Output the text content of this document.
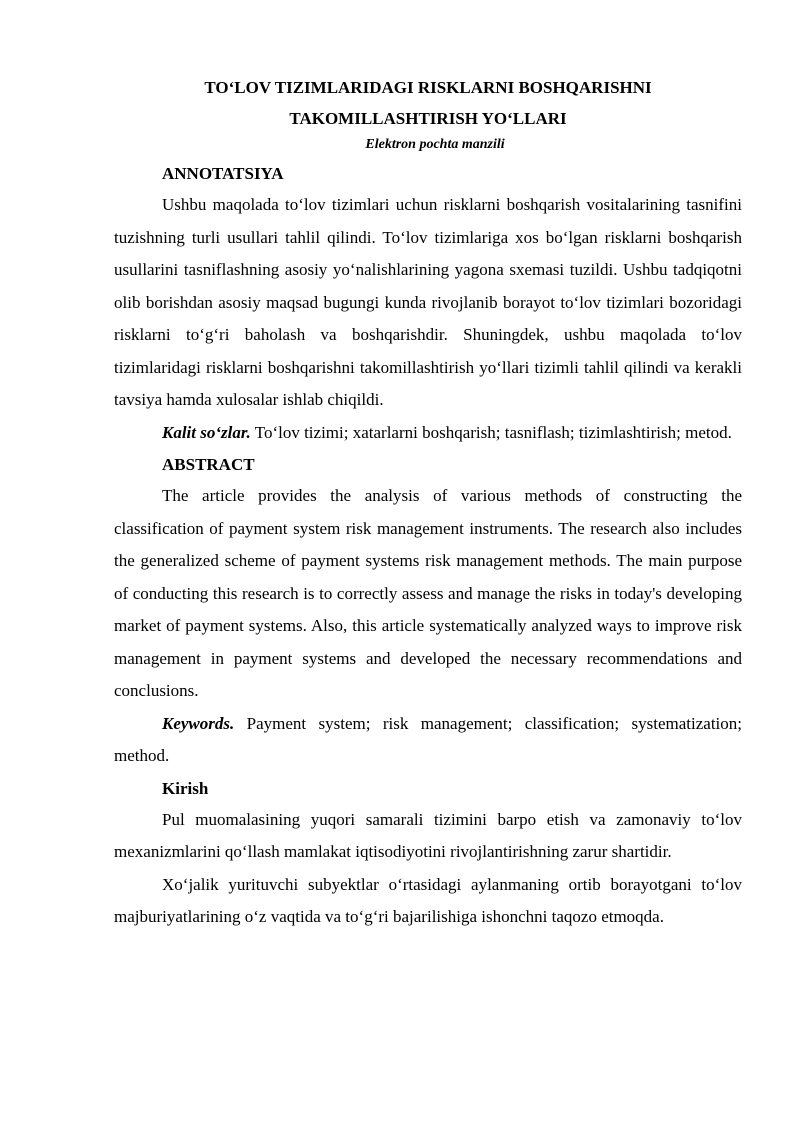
TO‘LOV TIZIMLARIDAGI RISKLARNI BOSHQARISHNI
TAKOMILLASHTIRISH YO‘LLARI
Elektron pochta manzili
ANNOTATSIYA

Ushbu maqolada to‘lov tizimlari uchun risklarni boshqarish vositalarining tasnifini tuzishning turli usullari tahlil qilindi. To‘lov tizimlariga xos bo‘lgan risklarni boshqarish usullarini tasniflashning asosiy yo‘nalishlarining yagona sxemasi tuzildi. Ushbu tadqiqotni olib borishdan asosiy maqsad bugungi kunda rivojlanib borayot to‘lov tizimlari bozoridagi risklarni to‘g‘ri baholash va boshqarishdir. Shuningdek, ushbu maqolada to‘lov tizimlaridagi risklarni boshqarishni takomillashtirish yo‘llari tizimli tahlil qilindi va kerakli tavsiya hamda xulosalar ishlab chiqildi.

Kalit so‘zlar. To‘lov tizimi; xatarlarni boshqarish; tasniflash; tizimlashtirish; metod.

ABSTRACT

The article provides the analysis of various methods of constructing the classification of payment system risk management instruments. The research also includes the generalized scheme of payment systems risk management methods. The main purpose of conducting this research is to correctly assess and manage the risks in today's developing market of payment systems. Also, this article systematically analyzed ways to improve risk management in payment systems and developed the necessary recommendations and conclusions.

Keywords. Payment system; risk management; classification; systematization; method.

Kirish

Pul muomalasining yuqori samarali tizimini barpo etish va zamonaviy to‘lov mexanizmlarini qo‘llash mamlakat iqtisodiyotini rivojlantirishning zarur shartidir.

Xo‘jalik yurituvchi subyektlar o‘rtasidagi aylanmaning ortib borayotgani to‘lov majburiyatlarining o‘z vaqtida va to‘g‘ri bajarilishiga ishonchni taqozo etmoqda.
